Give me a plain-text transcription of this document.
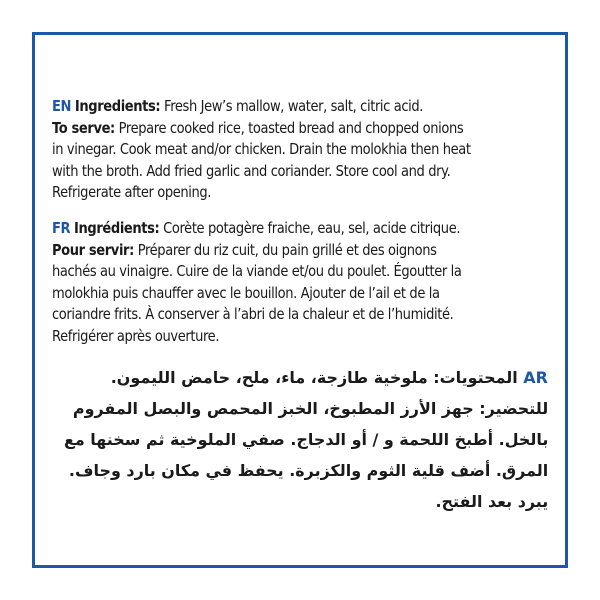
EN Ingredients: Fresh Jew’s mallow, water, salt, citric acid.
To serve: Prepare cooked rice, toasted bread and chopped onions
in vinegar. Cook meat and/or chicken. Drain the molokhia then heat
with the broth. Add fried garlic and coriander. Store cool and dry.
Refrigerate after opening.
FR Ingrédients: Corète potagère fraiche, eau, sel, acide citrique.
Pour servir: Préparer du riz cuit, du pain grillé et des oignons
hachés au vinaigre. Cuire de la viande et/ou du poulet. Égoutter la
molokhia puis chauffer avec le bouillon. Ajouter de l’ail et de la
coriandre frits. À conserver à l’abri de la chaleur et de l’humidité.
Refrigérer après ouverture.
AR المحتويات: ملوخية طازجة، ماء، ملح، حامض الليمون. للتحضير: جهز الأرز المطبوخ، الخبز المحمص والبصل المفروم بالخل. أطبخ اللحمة و / أو الدجاج. صفي الملوخية ثم سخنها مع المرق. أضف قلية الثوم والكزبرة. يحفظ في مكان بارد وجاف. يبرد بعد الفتح.
